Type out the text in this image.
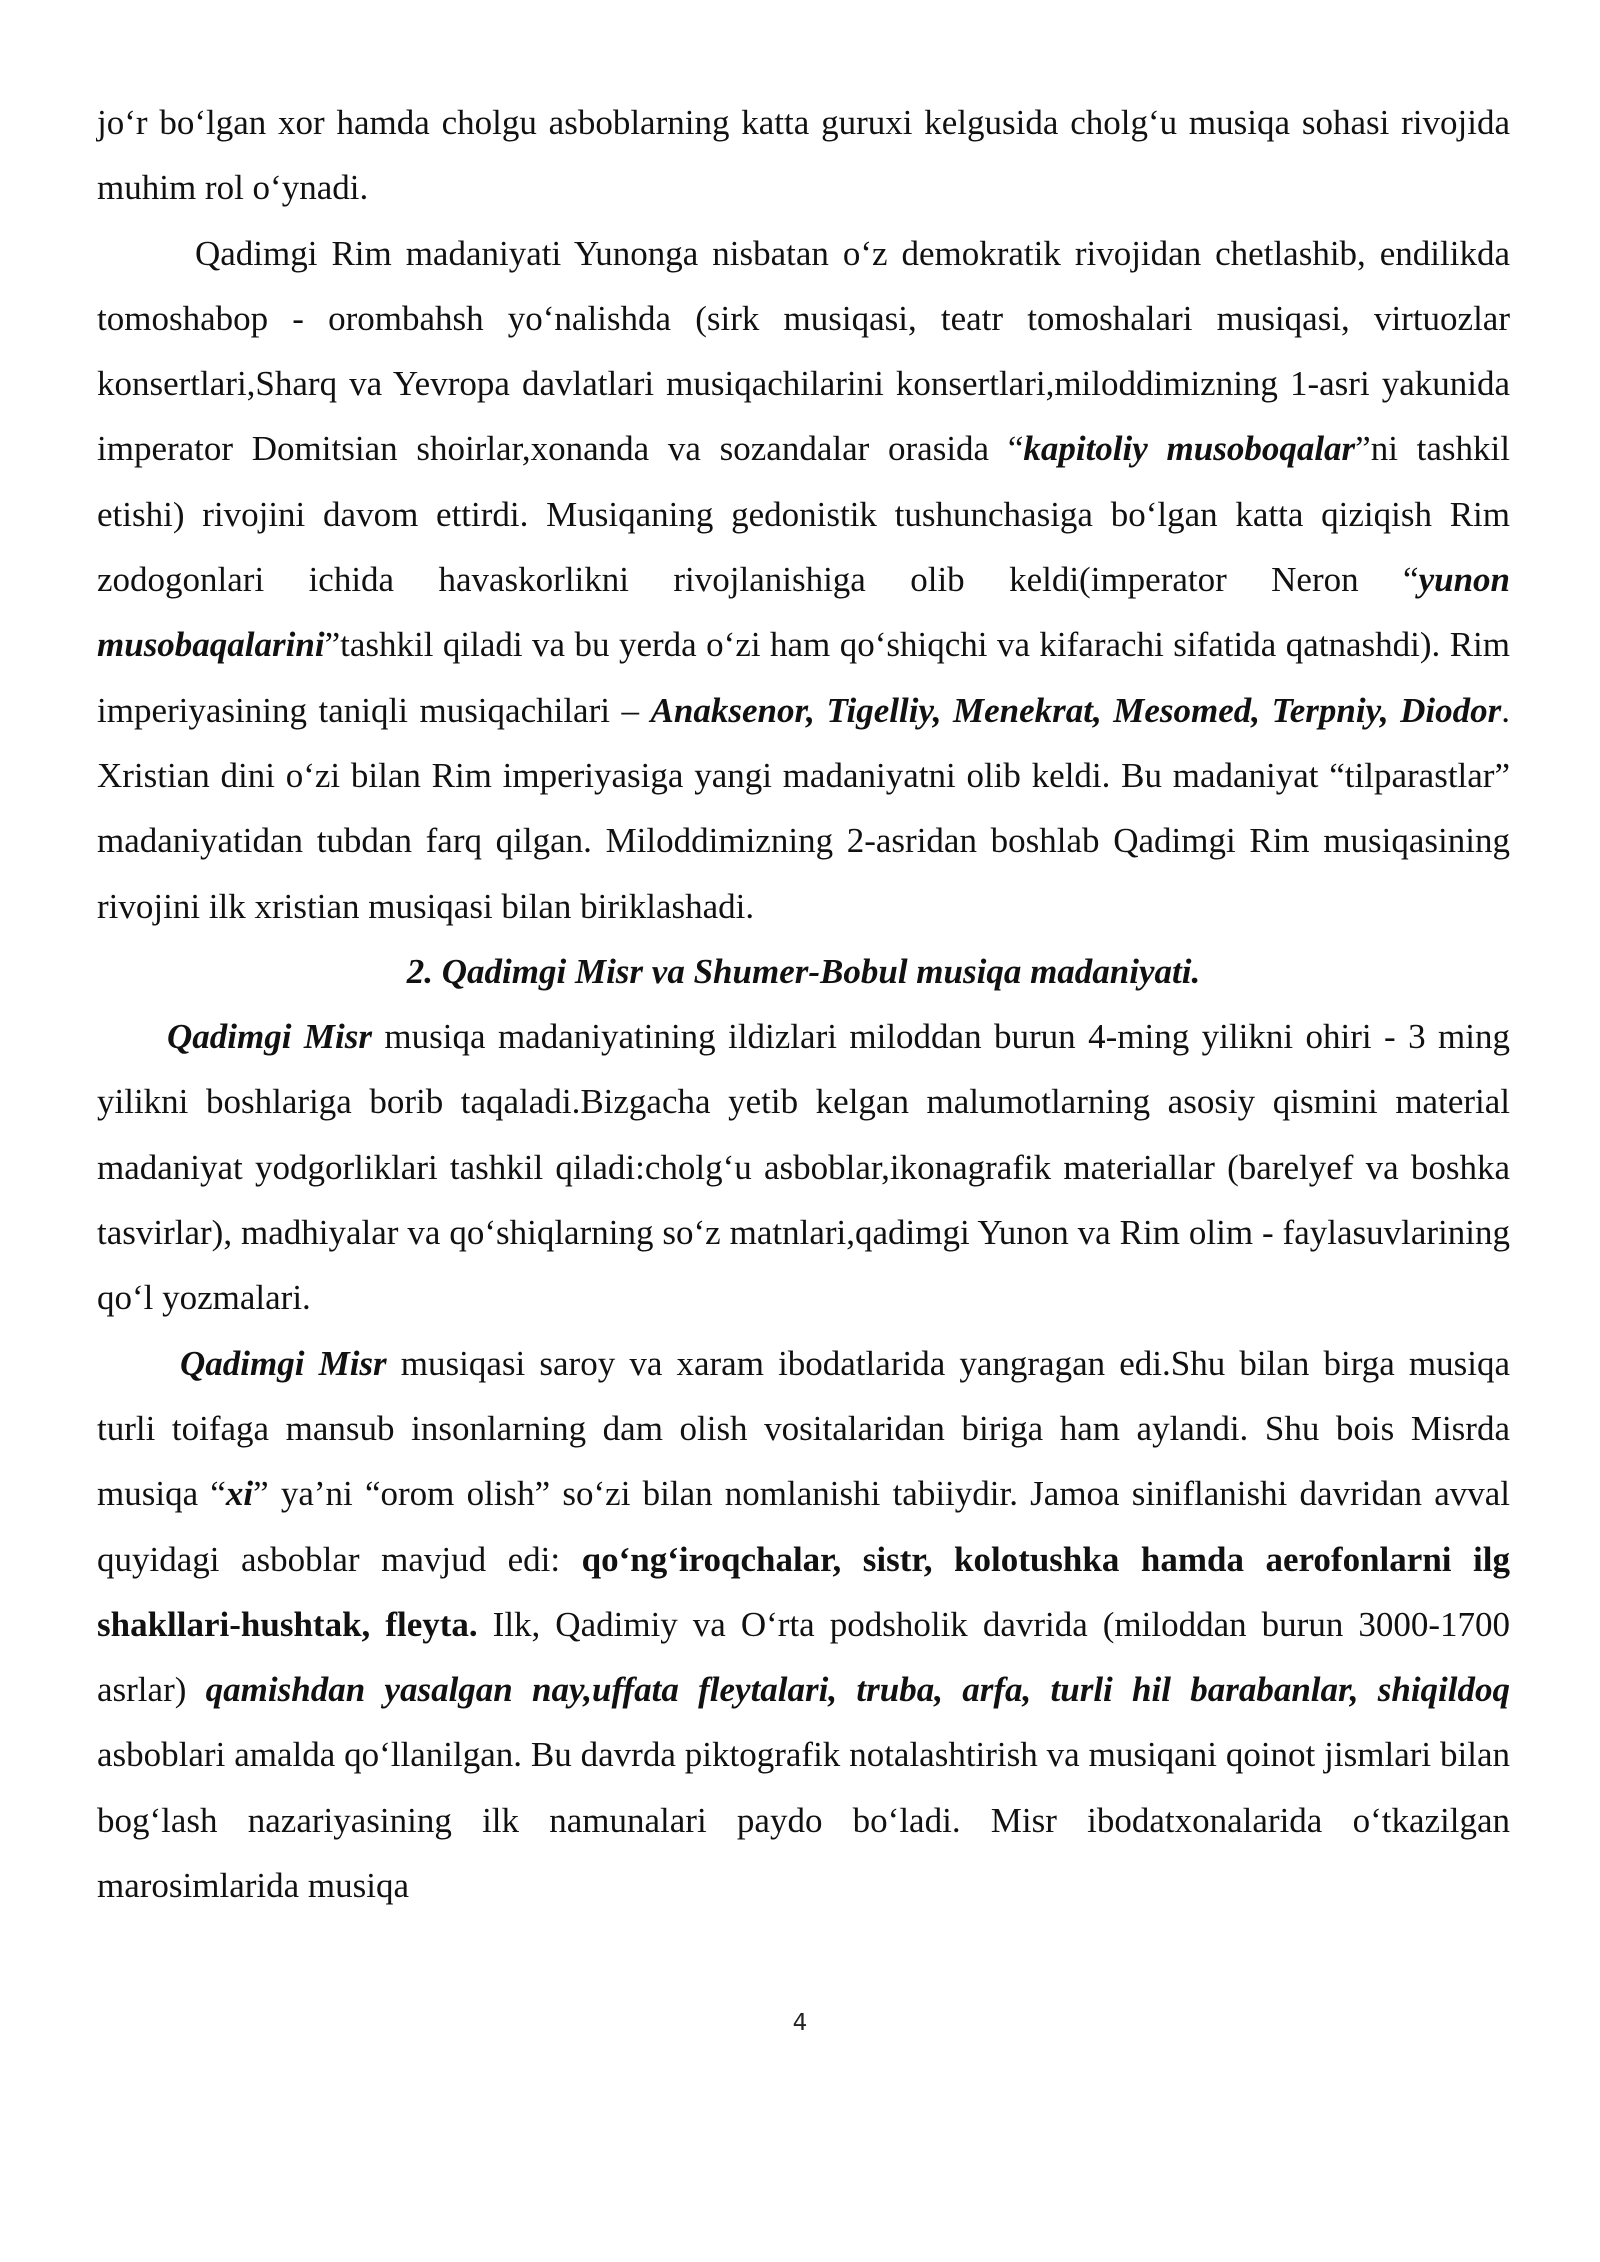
jo‘r bo‘lgan xor hamda cholgu asboblarning katta guruxi kelgusida cholg‘u musiqa sohasi rivojida muhim rol o‘ynadi.

Qadimgi Rim madaniyati Yunonga nisbatan o‘z demokratik rivojidan chetlashib, endilikda tomoshabop - orombahsh yo‘nalishda (sirk musiqasi, teatr tomoshalari musiqasi, virtuozlar konsertlari,Sharq va Yevropa davlatlari musiqachilarini konsertlari,miloddimizning 1-asri yakunida imperator Domitsian shoirlar,xonanda va sozandalar orasida “kapitoliy musoboqalar”ni tashkil etishi) rivojini davom ettirdi. Musiqaning gedonistik tushunchasiga bo‘lgan katta qiziqish Rim zodogonlari ichida havaskorlikni rivojlanishiga olib keldi(imperator Neron “yunon musobaqalarini”tashkil qiladi va bu yerda o‘zi ham qo‘shiqchi va kifarachi sifatida qatnashdi). Rim imperiyasining taniqli musiqachilari – Anaksenor, Tigelliy, Menekrat, Mesomed, Terpniy, Diodor. Xristian dini o‘zi bilan Rim imperiyasiga yangi madaniyatni olib keldi. Bu madaniyat “tilparastlar” madaniyatidan tubdan farq qilgan. Miloddimizning 2-asridan boshlab Qadimgi Rim musiqasining rivojini ilk xristian musiqasi bilan biriklashadi.

2. Qadimgi Misr va Shumer-Bobul musiqa madaniyati.

Qadimgi Misr musiqa madaniyatining ildizlari miloddan burun 4-ming yilikni ohiri - 3 ming yilikni boshlariga borib taqaladi.Bizgacha yetib kelgan malumotlarning asosiy qismini material madaniyat yodgorliklari tashkil qiladi:cholg‘u asboblar,ikonagrafik materiallar (barelyef va boshka tasvirlar), madhiyalar va qo‘shiqlarning so‘z matnlari,qadimgi Yunon va Rim olim - faylasuvlarining qo‘l yozmalari.

Qadimgi Misr musiqasi saroy va xaram ibodatlarida yangragan edi.Shu bilan birga musiqa turli toifaga mansub insonlarning dam olish vositalaridan biriga ham aylandi. Shu bois Misrda musiqa “xi” ya’ni “orom olish” so‘zi bilan nomlanishi tabiiydir. Jamoa siniflanishi davridan avval quyidagi asboblar mavjud edi: qo‘ng‘iroqchalar, sistr, kolotushka hamda aerofonlarni ilg shakllari-hushtak, fleyta. Ilk, Qadimiy va O‘rta podsholik davrida (miloddan burun 3000-1700 asrlar) qamishdan yasalgan nay,uffata fleytalari, truba, arfa, turli hil barabanlar, shiqildoq asboblari amalda qo‘llanilgan. Bu davrda piktografik notalashtirish va musiqani qoinot jismlari bilan bog‘lash nazariyasining ilk namunalari paydo bo‘ladi. Misr ibodatxonalarida o‘tkazilgan marosimlarida musiqa

4
